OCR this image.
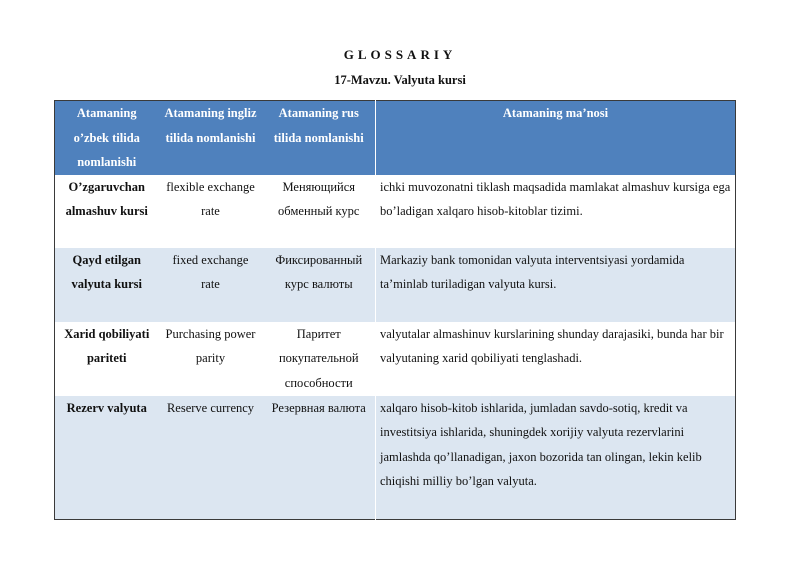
GLOSSARIY
17-Mavzu. Valyuta kursi
Atamaning o’zbek tilida nomlanishi	Atamaning ingliz tilida nomlanishi	Atamaning rus tilida nomlanishi	Atamaning ma’nosi
O’zgaruvchan almashuv kursi	flexible exchange rate	Меняющийся обменный курс	ichki muvozonatni tiklash maqsadida mamlakat almashuv kursiga ega bo’ladigan xalqaro hisob-kitoblar tizimi.
Qayd etilgan valyuta kursi	fixed exchange rate	Фиксированный курс валюты	Markaziy bank tomonidan valyuta interventsiyasi yordamida ta’minlab turiladigan valyuta kursi.
Xarid qobiliyati pariteti	Purchasing power parity	Паритет покупательной способности	valyutalar almashinuv kurslarining shunday darajasiki, bunda har bir valyutaning xarid qobiliyati tenglashadi.
Rezerv valyuta	Reserve currency	Резервная валюта	xalqaro hisob-kitob ishlarida, jumladan savdo-sotiq, kredit va investitsiya ishlarida, shuningdek xorijiy valyuta rezervlarini jamlashda qo’llanadigan, jaxon bozorida tan olingan, lekin kelib chiqishi milliy bo’lgan valyuta.
